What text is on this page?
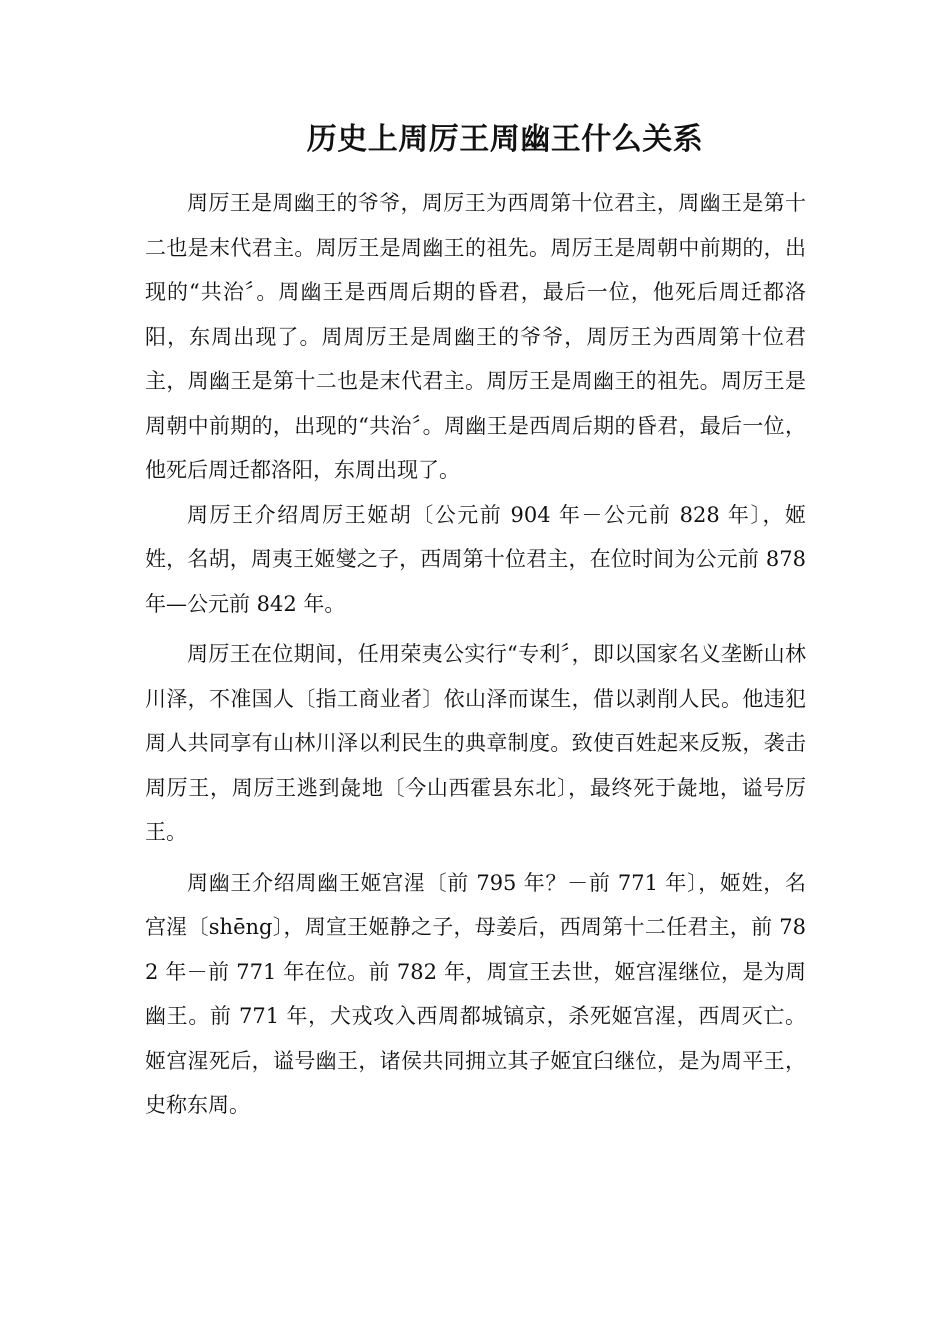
历史上周厉王周幽王什么关系

周厉王是周幽王的爷爷，周厉王为西周第十位君主，周幽王是第十二也是末代君主。周厉王是周幽王的祖先。周厉王是周朝中前期的，出现的“共治〞。周幽王是西周后期的昏君，最后一位，他死后周迁都洛阳，东周出现了。周周厉王是周幽王的爷爷，周厉王为西周第十位君主，周幽王是第十二也是末代君主。周厉王是周幽王的祖先。周厉王是周朝中前期的，出现的“共治〞。周幽王是西周后期的昏君，最后一位，他死后周迁都洛阳，东周出现了。

周厉王介绍周厉王姬胡〔公元前 904 年－公元前 828 年〕，姬姓，名胡，周夷王姬燮之子，西周第十位君主，在位时间为公元前 878 年—公元前 842 年。

周厉王在位期间，任用荣夷公实行“专利〞，即以国家名义垄断山林川泽，不准国人〔指工商业者〕依山泽而谋生，借以剥削人民。他违犯周人共同享有山林川泽以利民生的典章制度。致使百姓起来反叛，袭击周厉王，周厉王逃到彘地〔今山西霍县东北〕，最终死于彘地，谥号厉王。

周幽王介绍周幽王姬宫湦〔前 795 年？－前 771 年〕，姬姓，名宫湦〔shēng〕，周宣王姬静之子，母姜后，西周第十二任君主，前 782 年－前 771 年在位。前 782 年，周宣王去世，姬宫湦继位，是为周幽王。前 771 年，犬戎攻入西周都城镐京，杀死姬宫湦，西周灭亡。姬宫湦死后，谥号幽王，诸侯共同拥立其子姬宜臼继位，是为周平王，史称东周。
